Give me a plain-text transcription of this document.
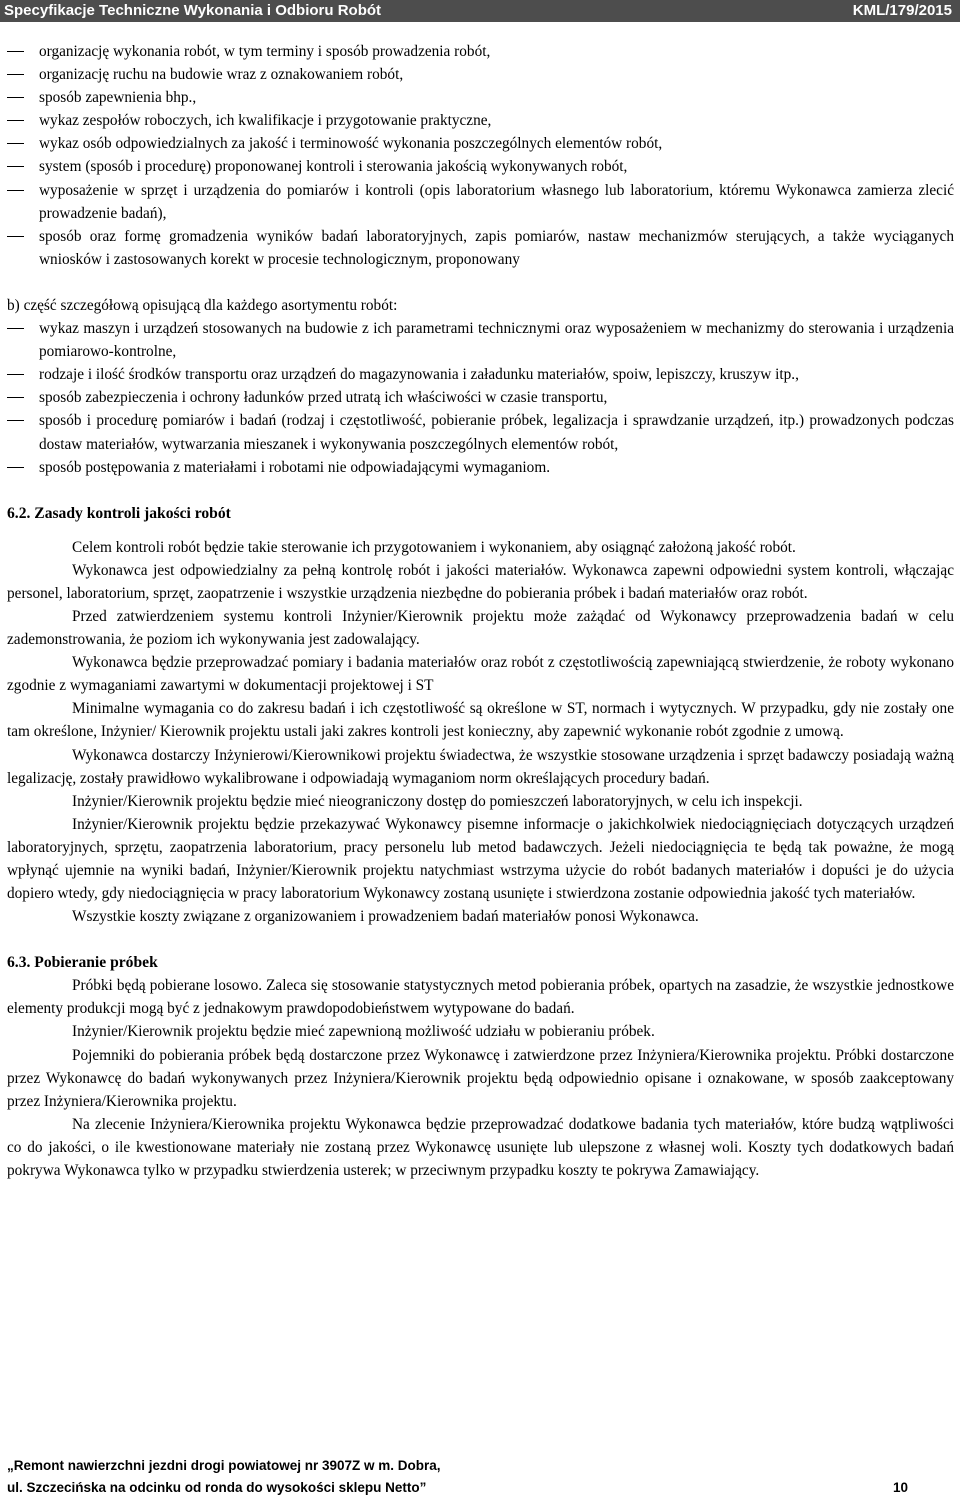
Specyfikacje Techniczne Wykonania i Odbioru Robót	KML/179/2015
organizację wykonania robót, w tym terminy i sposób prowadzenia robót,
organizację ruchu na budowie wraz z oznakowaniem robót,
sposób zapewnienia bhp.,
wykaz zespołów roboczych, ich kwalifikacje i przygotowanie praktyczne,
wykaz osób odpowiedzialnych za jakość i terminowość wykonania poszczególnych elementów robót,
system (sposób i procedurę) proponowanej kontroli i sterowania jakością wykonywanych robót,
wyposażenie w sprzęt i urządzenia do pomiarów i kontroli (opis laboratorium własnego lub laboratorium, któremu Wykonawca zamierza zlecić prowadzenie badań),
sposób oraz formę gromadzenia wyników badań laboratoryjnych, zapis pomiarów, nastaw mechanizmów sterujących, a także wyciąganych wniosków i zastosowanych korekt w procesie technologicznym, proponowany

b) część szczegółową opisującą dla każdego asortymentu robót:

wykaz maszyn i urządzeń stosowanych na budowie z ich parametrami technicznymi oraz wyposażeniem w mechanizmy do sterowania i urządzenia pomiarowo-kontrolne,
rodzaje i ilość środków transportu oraz urządzeń do magazynowania i załadunku materiałów, spoiw, lepiszczy, kruszyw itp.,
sposób zabezpieczenia i ochrony ładunków przed utratą ich właściwości w czasie transportu,
sposób i procedurę pomiarów i badań (rodzaj i częstotliwość, pobieranie próbek, legalizacja i sprawdzanie urządzeń, itp.) prowadzonych podczas dostaw materiałów, wytwarzania mieszanek i wykonywania poszczególnych elementów robót,
sposób postępowania z materiałami i robotami nie odpowiadającymi wymaganiom.
6.2. Zasady kontroli jakości robót

Celem kontroli robót będzie takie sterowanie ich przygotowaniem i wykonaniem, aby osiągnąć założoną jakość robót.

Wykonawca jest odpowiedzialny za pełną kontrolę robót i jakości materiałów. Wykonawca zapewni odpowiedni system kontroli, włączając personel, laboratorium, sprzęt, zaopatrzenie i wszystkie urządzenia niezbędne do pobierania próbek i badań materiałów oraz robót.

Przed zatwierdzeniem systemu kontroli Inżynier/Kierownik projektu może zażądać od Wykonawcy przeprowadzenia badań w celu zademonstrowania, że poziom ich wykonywania jest zadowalający.

Wykonawca będzie przeprowadzać pomiary i badania materiałów oraz robót z częstotliwością zapewniającą stwierdzenie, że roboty wykonano zgodnie z wymaganiami zawartymi w dokumentacji projektowej i ST

Minimalne wymagania co do zakresu badań i ich częstotliwość są określone w ST, normach i wytycznych. W przypadku, gdy nie zostały one tam określone, Inżynier/ Kierownik projektu ustali jaki zakres kontroli jest konieczny, aby zapewnić wykonanie robót zgodnie z umową.

Wykonawca dostarczy Inżynierowi/Kierownikowi projektu świadectwa, że wszystkie stosowane urządzenia i sprzęt badawczy posiadają ważną legalizację, zostały prawidłowo wykalibrowane i odpowiadają wymaganiom norm określających procedury badań.

Inżynier/Kierownik projektu będzie mieć nieograniczony dostęp do pomieszczeń laboratoryjnych, w celu ich inspekcji.

Inżynier/Kierownik projektu będzie przekazywać Wykonawcy pisemne informacje o jakichkolwiek niedociągnięciach dotyczących urządzeń laboratoryjnych, sprzętu, zaopatrzenia laboratorium, pracy personelu lub metod badawczych. Jeżeli niedociągnięcia te będą tak poważne, że mogą wpłynąć ujemnie na wyniki badań, Inżynier/Kierownik projektu natychmiast wstrzyma użycie do robót badanych materiałów i dopuści je do użycia dopiero wtedy, gdy niedociągnięcia w pracy laboratorium Wykonawcy zostaną usunięte i stwierdzona zostanie odpowiednia jakość tych materiałów.

Wszystkie koszty związane z organizowaniem i prowadzeniem badań materiałów ponosi Wykonawca.

6.3. Pobieranie próbek

Próbki będą pobierane losowo. Zaleca się stosowanie statystycznych metod pobierania próbek, opartych na zasadzie, że wszystkie jednostkowe elementy produkcji mogą być z jednakowym prawdopodobieństwem wytypowane do badań.

Inżynier/Kierownik projektu będzie mieć zapewnioną możliwość udziału w pobieraniu próbek.

Pojemniki do pobierania próbek będą dostarczone przez Wykonawcę i zatwierdzone przez Inżyniera/Kierownika projektu. Próbki dostarczone przez Wykonawcę do badań wykonywanych przez Inżyniera/Kierownik projektu będą odpowiednio opisane i oznakowane, w sposób zaakceptowany przez Inżyniera/Kierownika projektu.

Na zlecenie Inżyniera/Kierownika projektu Wykonawca będzie przeprowadzać dodatkowe badania tych materiałów, które budzą wątpliwości co do jakości, o ile kwestionowane materiały nie zostaną przez Wykonawcę usunięte lub ulepszone z własnej woli. Koszty tych dodatkowych badań pokrywa Wykonawca tylko w przypadku stwierdzenia usterek; w przeciwnym przypadku koszty te pokrywa Zamawiający.

„Remont nawierzchni jezdni drogi powiatowej nr 3907Z w m. Dobra,
ul. Szczecińska na odcinku od ronda do wysokości sklepu Netto”	10
